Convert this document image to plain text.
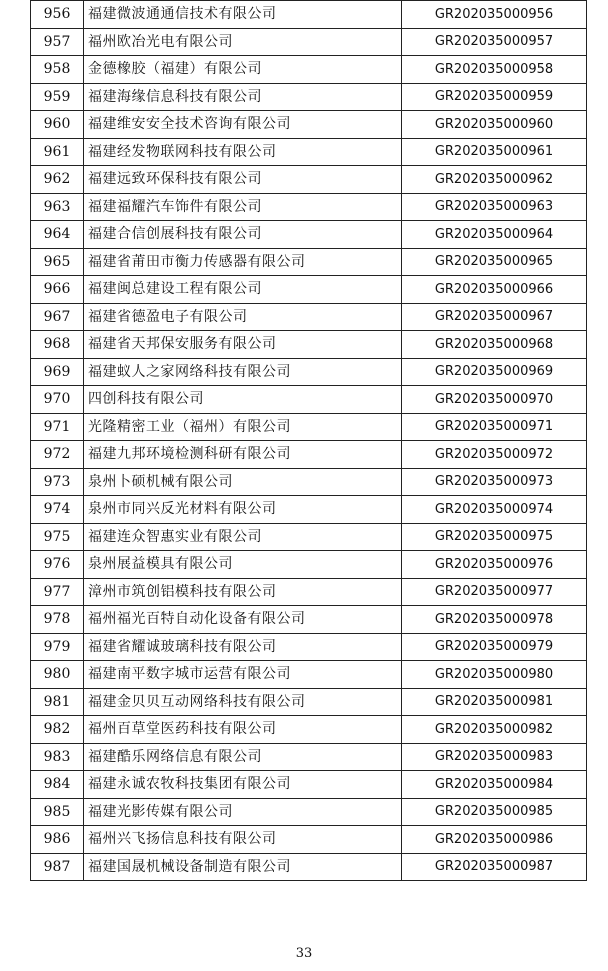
956	福建微波通通信技术有限公司	GR202035000956
957	福州欧冶光电有限公司	GR202035000957
958	金德橡胶（福建）有限公司	GR202035000958
959	福建海缘信息科技有限公司	GR202035000959
960	福建维安安全技术咨询有限公司	GR202035000960
961	福建经发物联网科技有限公司	GR202035000961
962	福建远致环保科技有限公司	GR202035000962
963	福建福耀汽车饰件有限公司	GR202035000963
964	福建合信创展科技有限公司	GR202035000964
965	福建省莆田市衡力传感器有限公司	GR202035000965
966	福建闽总建设工程有限公司	GR202035000966
967	福建省德盈电子有限公司	GR202035000967
968	福建省天邦保安服务有限公司	GR202035000968
969	福建蚁人之家网络科技有限公司	GR202035000969
970	四创科技有限公司	GR202035000970
971	光隆精密工业（福州）有限公司	GR202035000971
972	福建九邦环境检测科研有限公司	GR202035000972
973	泉州卜硕机械有限公司	GR202035000973
974	泉州市同兴反光材料有限公司	GR202035000974
975	福建连众智惠实业有限公司	GR202035000975
976	泉州展益模具有限公司	GR202035000976
977	漳州市筑创铝模科技有限公司	GR202035000977
978	福州福光百特自动化设备有限公司	GR202035000978
979	福建省耀诚玻璃科技有限公司	GR202035000979
980	福建南平数字城市运营有限公司	GR202035000980
981	福建金贝贝互动网络科技有限公司	GR202035000981
982	福州百草堂医药科技有限公司	GR202035000982
983	福建酷乐网络信息有限公司	GR202035000983
984	福建永诚农牧科技集团有限公司	GR202035000984
985	福建光影传媒有限公司	GR202035000985
986	福州兴飞扬信息科技有限公司	GR202035000986
987	福建国晟机械设备制造有限公司	GR202035000987
33
